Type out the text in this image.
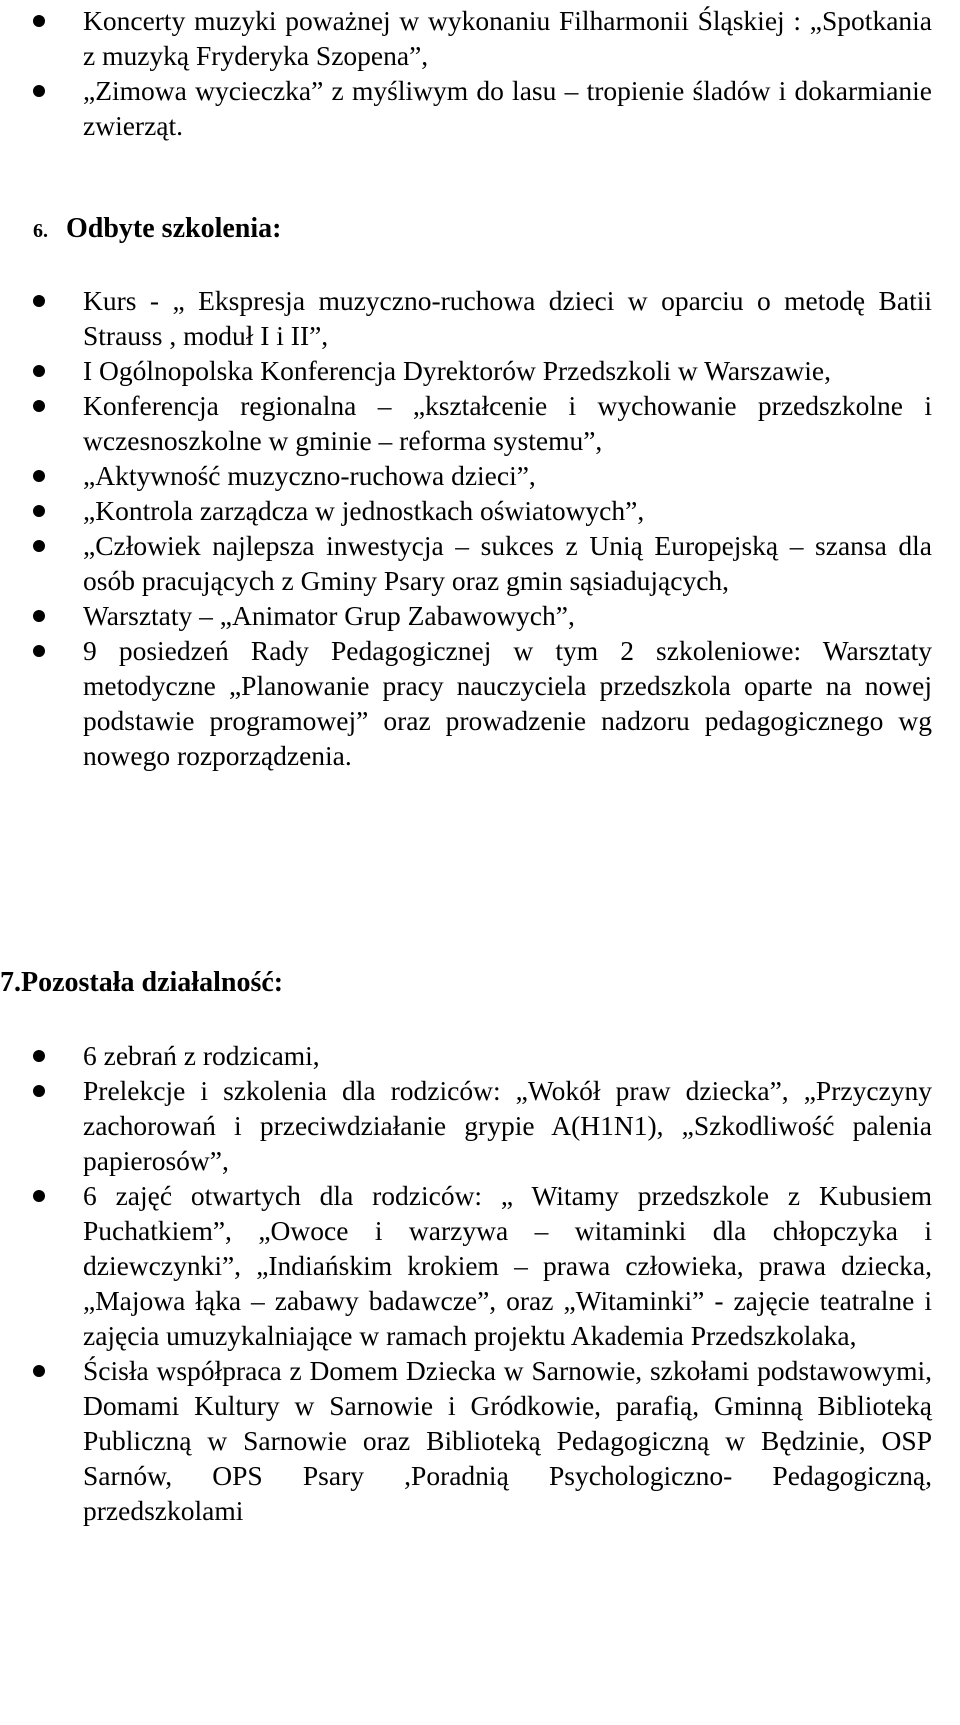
Koncerty muzyki poważnej w wykonaniu Filharmonii Śląskiej : „Spotkania z muzyką Fryderyka Szopena”,
„Zimowa wycieczka” z myśliwym do lasu – tropienie śladów i dokarmianie zwierząt.
6. Odbyte szkolenia:
Kurs - „ Ekspresja muzyczno-ruchowa dzieci w oparciu o metodę Batii Strauss , moduł I i II”,
I Ogólnopolska Konferencja Dyrektorów Przedszkoli w Warszawie,
Konferencja regionalna – „kształcenie i wychowanie przedszkolne i wczesnoszkolne w gminie – reforma systemu”,
„Aktywność muzyczno-ruchowa dzieci”,
„Kontrola zarządcza w jednostkach oświatowych”,
„Człowiek najlepsza inwestycja – sukces z Unią Europejską – szansa dla osób pracujących z Gminy Psary oraz gmin sąsiadujących,
Warsztaty – „Animator Grup Zabawowych”,
9 posiedzeń Rady Pedagogicznej w tym 2 szkoleniowe: Warsztaty metodyczne „Planowanie pracy nauczyciela przedszkola oparte na nowej podstawie programowej” oraz prowadzenie nadzoru pedagogicznego wg nowego rozporządzenia.
7.Pozostała działalność:
6 zebrań z rodzicami,
Prelekcje i szkolenia dla rodziców: „Wokół praw dziecka”, „Przyczyny zachorowań i przeciwdziałanie grypie A(H1N1), „Szkodliwość palenia papierosów”,
6 zajęć otwartych dla rodziców: „ Witamy przedszkole z Kubusiem Puchatkiem”, „Owoce i warzywa – witaminki dla chłopczyka i dziewczynki”, „Indiańskim krokiem – prawa człowieka, prawa dziecka, „Majowa łąka – zabawy badawcze”, oraz „Witaminki” - zajęcie teatralne i zajęcia umuzykalniające w ramach projektu Akademia Przedszkolaka,
Ścisła współpraca z Domem Dziecka w Sarnowie, szkołami podstawowymi, Domami Kultury w Sarnowie i Gródkowie, parafią, Gminną Biblioteką Publiczną w Sarnowie oraz Biblioteką Pedagogiczną w Będzinie, OSP Sarnów, OPS Psary ,Poradnią Psychologiczno- Pedagogiczną, przedszkolami
